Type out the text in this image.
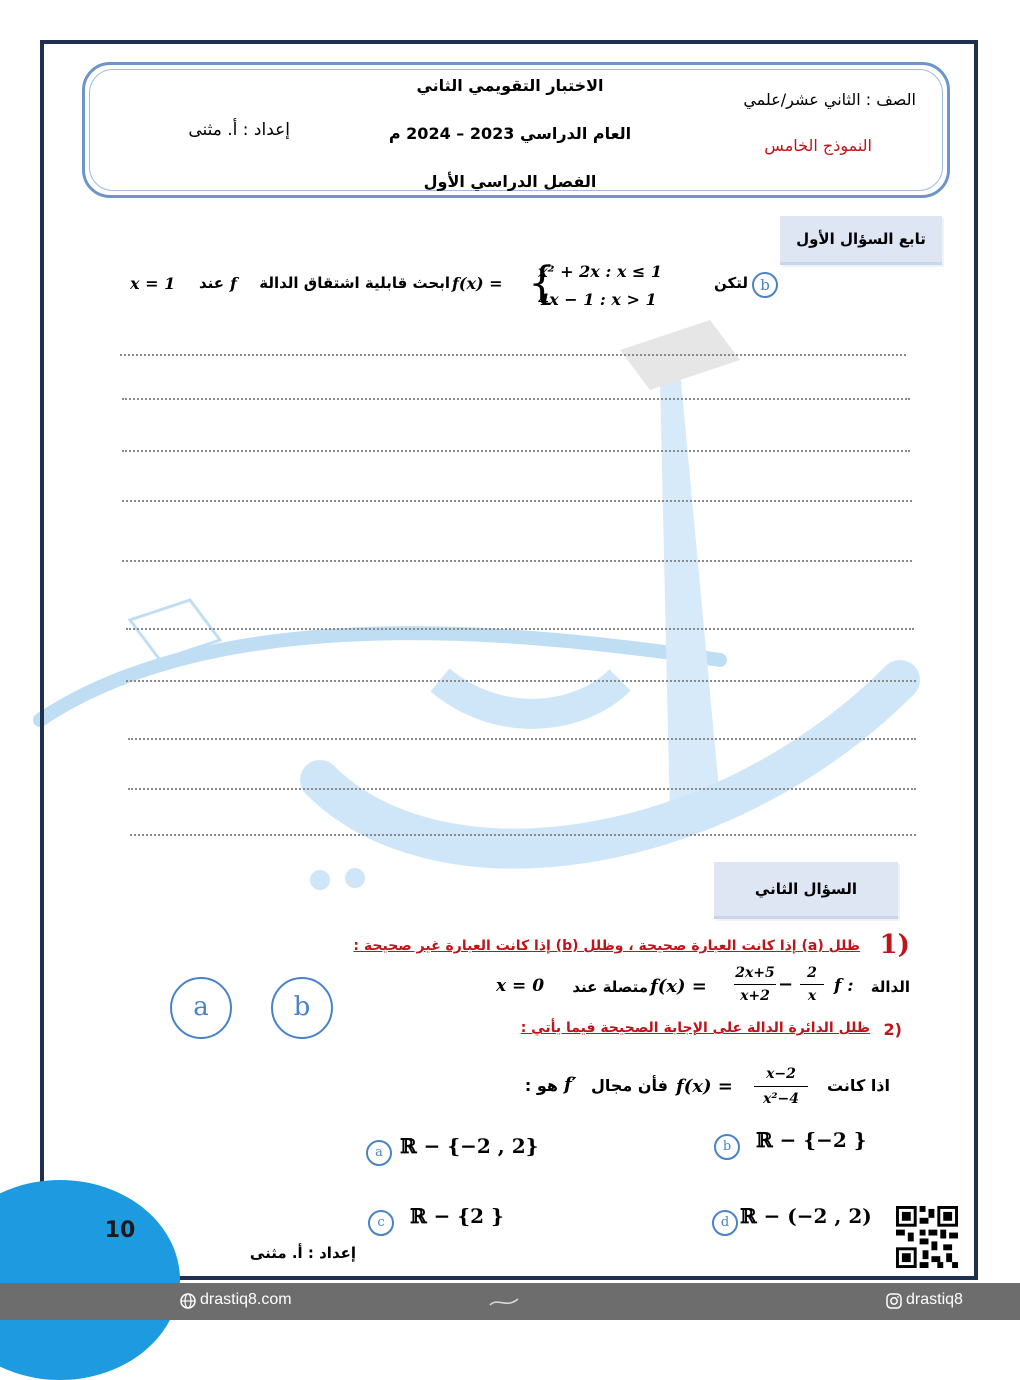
الاختبار التقويمي الثاني
العام الدراسي 2023 – 2024 م
الفصل الدراسي الأول
الصف : الثاني عشر/علمي
النموذج الخامس
إعداد : أ. مثنى
تابع السؤال الأول
b
لتكن
{
x² + 2x : x ≤ 1
4x − 1 : x > 1
f(x) =
ابحث قابلية اشتقاق الدالة
f
عند
x = 1
السؤال الثاني
1)
ظلل (a) إذا كانت العبارة صحيحة ، وظلل (b) إذا كانت العبارة غير صحيحة :
الدالة
f :
$\frac{2}{x}$
−
$\frac{2x+5}{x+2}$
f(x) =
متصلة عند
x = 0
a	b
2)
ظلل الدائرة الدالة على الإجابة الصحيحة فيما يأتي :
اذا كانت
$\frac{x-2}{\text{x²−4}}$
f(x) =
فأن مجال
f′
هو :
a ℝ − {−2 , 2}	b	ℝ − {−2 }
c	ℝ − {2 }	d ℝ − (−2 , 2)
10
إعداد : أ. مثنى
drastiq8.com	drastiq8
